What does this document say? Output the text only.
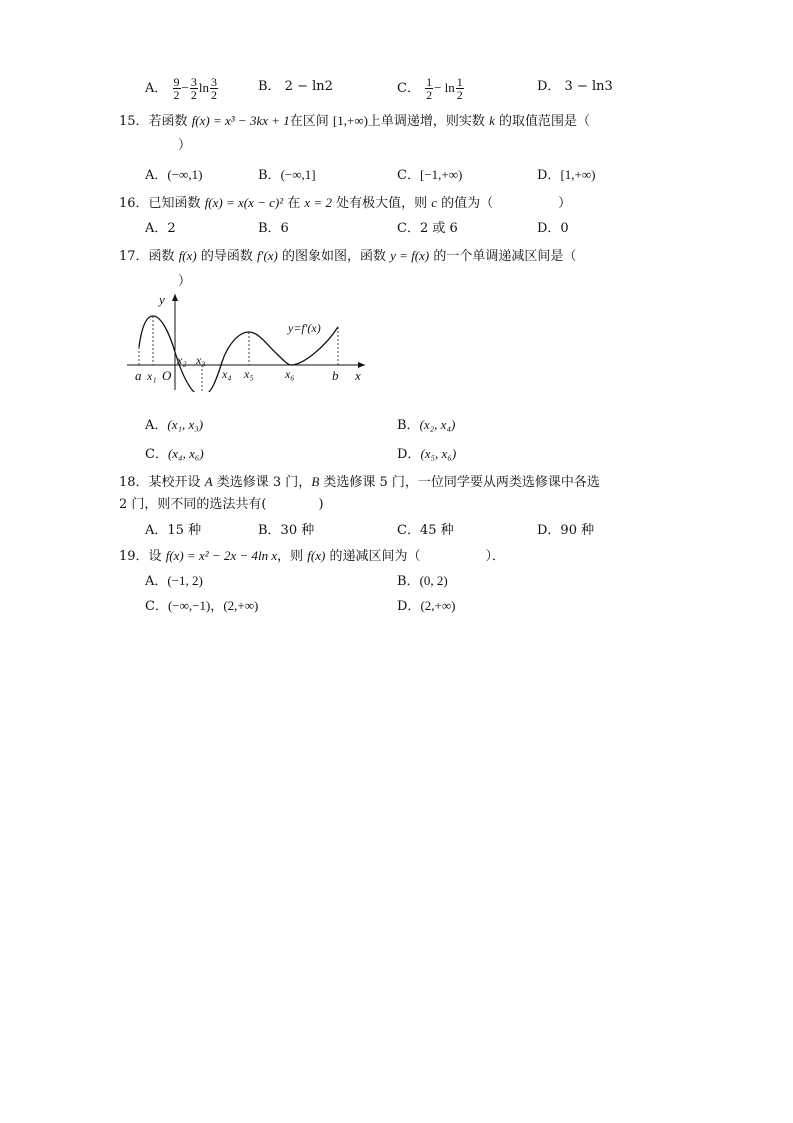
A． $\frac{9}{2} - \frac{3}{2}$ $\ln \frac{3}{2}$	B． 2 − ln2	C． $\frac{1}{2} - \ln \frac{1}{2}$	D． 3 − ln3
15．若函数 f(x) = x³ − 3kx + 1在区间 [1,+∞)上单调递增，则实数 k 的取值范围是（
）
A．(−∞,1)	B．(−∞,1]	C．[−1,+∞)	D．[1,+∞)
16．已知函数 f(x) = x(x − c)² 在 x = 2 处有极大值，则 c 的值为（　　　　　）
A．2	B．6	C．2 或 6	D．0
17．函数 f(x) 的导函数 f′(x) 的图象如图，函数 y = f(x) 的一个单调递减区间是（
）
y
x
y=f′(x)
a x₁ O
x₂ x₃
x₄ x₅	x₆	b
A．(x₁, x₃)	B．(x₂, x₄)
C．(x₄, x₆)	D．(x₅, x₆)
18．某校开设 A 类选修课 3 门，B 类选修课 5 门，一位同学要从两类选修课中各选
2 门，则不同的选法共有(　　　　)
A．15 种	B．30 种	C．45 种	D．90 种
19．设 f(x) = x² − 2x − 4ln x，则 f(x) 的递减区间为（　　　　　）．
A．(−1, 2)	B．(0, 2)
C．(−∞,−1)，(2,+∞)	D．(2,+∞)
